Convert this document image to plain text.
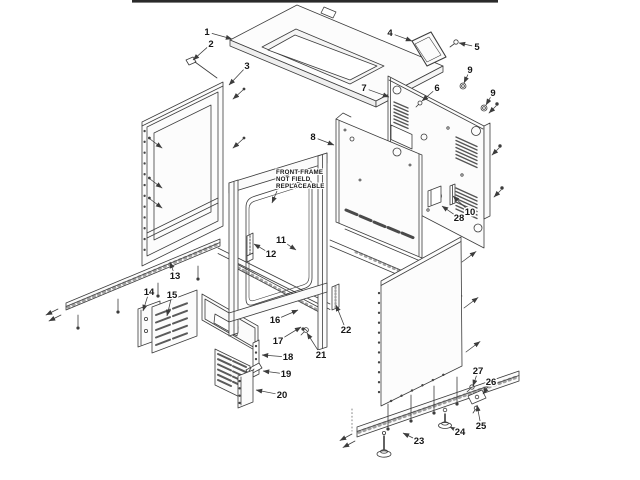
1
2
3
4
5
6
7
8
9
9
10
11
12
13
14 15
16
17
18
19
20
21
22
23
24
25
26
27
28
FRONT FRAME
NOT FIELD
REPLACEABLE
